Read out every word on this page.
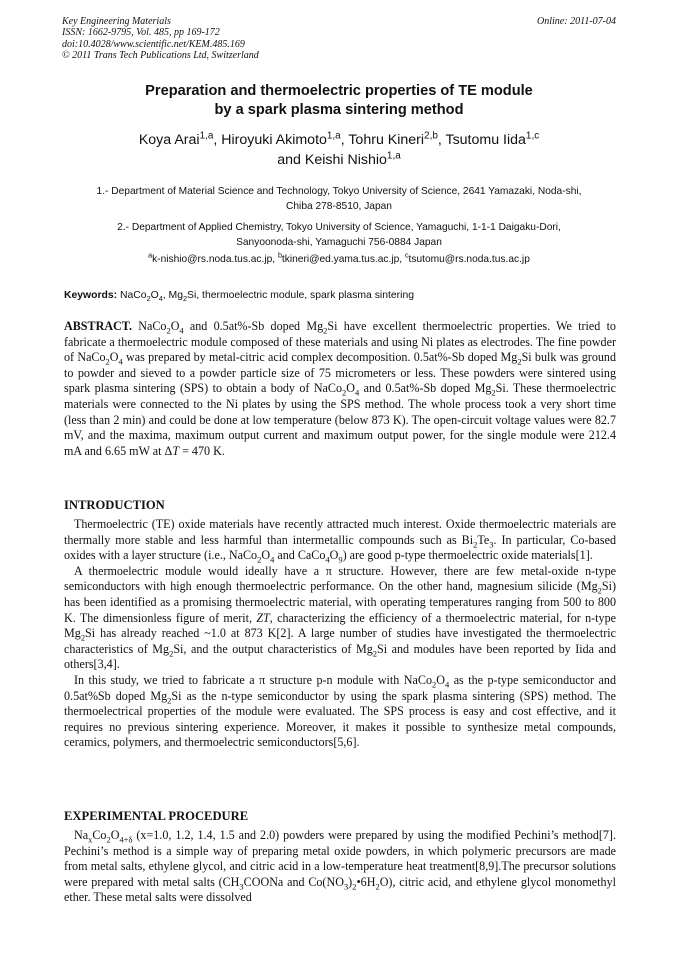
Key Engineering Materials
ISSN: 1662-9795, Vol. 485, pp 169-172
doi:10.4028/www.scientific.net/KEM.485.169
© 2011 Trans Tech Publications Ltd, Switzerland
Online: 2011-07-04
Preparation and thermoelectric properties of TE module
by a spark plasma sintering method
Koya Arai$^{1,a}$, Hiroyuki Akimoto$^{1,a}$, Tohru Kineri$^{2,b}$, Tsutomu Iida$^{1,c}$
and Keishi Nishio$^{1,a}$
1.- Department of Material Science and Technology, Tokyo University of Science, 2641 Yamazaki, Noda-shi,
Chiba 278-8510, Japan
2.- Department of Applied Chemistry, Tokyo University of Science, Yamaguchi, 1-1-1 Daigaku-Dori,
Sanyoonoda-shi, Yamaguchi 756-0884 Japan
$^a$k-nishio@rs.noda.tus.ac.jp, $^b$tkineri@ed.yama.tus.ac.jp, $^c$tsutomu@rs.noda.tus.ac.jp
Keywords: $NaCo_2O_4$, $Mg_2Si$, thermoelectric module, spark plasma sintering

ABSTRACT. $NaCo_2O_4$ and 0.5at%-Sb doped $Mg_2Si$ have excellent thermoelectric properties. We tried to fabricate a thermoelectric module composed of these materials and using Ni plates as electrodes. The fine powder of $NaCo_2O_4$ was prepared by metal-citric acid complex decomposition. 0.5at%-Sb doped $Mg_2Si$ bulk was ground to powder and sieved to a powder particle size of 75 micrometers or less. These powders were sintered using spark plasma sintering (SPS) to obtain a body of $NaCo_2O_4$ and 0.5at%-Sb doped $Mg_2Si$. These thermoelectric materials were connected to the Ni plates by using the SPS method. The whole process took a very short time (less than 2 min) and could be done at low temperature (below 873 K). The open-circuit voltage values were 82.7 mV, and the maxima, maximum output current and maximum output power, for the single module were 212.4 mA and 6.65 mW at ΔT = 470 K.

INTRODUCTION

Thermoelectric (TE) oxide materials have recently attracted much interest. Oxide thermoelectric materials are thermally more stable and less harmful than intermetallic compounds such as $Bi_2Te_3$. In particular, Co-based oxides with a layer structure (i.e., $NaCo_2O_4$ and $CaCo_4O_9$) are good p-type thermoelectric oxide materials[1].

A thermoelectric module would ideally have a π structure. However, there are few metal-oxide n-type semiconductors with high enough thermoelectric performance. On the other hand, magnesium silicide $(Mg_2Si)$ has been identified as a promising thermoelectric material, with operating temperatures ranging from 500 to 800 K. The dimensionless figure of merit, ZT, characterizing the efficiency of a thermoelectric material, for n-type $Mg_2Si$ has already reached ~1.0 at 873 K[2]. A large number of studies have investigated the thermoelectric characteristics of $Mg_2Si$, and the output characteristics of $Mg_2Si$ and modules have been reported by Iida and others[3,4].

In this study, we tried to fabricate a π structure p-n module with $NaCo_2O_4$ as the p-type semiconductor and 0.5at%Sb doped $Mg_2Si$ as the n-type semiconductor by using the spark plasma sintering (SPS) method. The thermoelectrical properties of the module were evaluated. The SPS process is easy and cost effective, and it requires no previous sintering experience. Moreover, it makes it possible to synthesize metal compounds, ceramics, polymers, and thermoelectric semiconductors[5,6].

EXPERIMENTAL PROCEDURE

$Na_xCo_2O_{4+\delta}$ (x=1.0, 1.2, 1.4, 1.5 and 2.0) powders were prepared by using the modified Pechini’s method[7]. Pechini’s method is a simple way of preparing metal oxide powders, in which polymeric precursors are made from metal salts, ethylene glycol, and citric acid in a low-temperature heat treatment[8,9].The precursor solutions were prepared with metal salts ($CH_3COONa$ and $Co(NO_3)_2•6H_2O$), citric acid, and ethylene glycol monomethyl ether. These metal salts were dissolved
